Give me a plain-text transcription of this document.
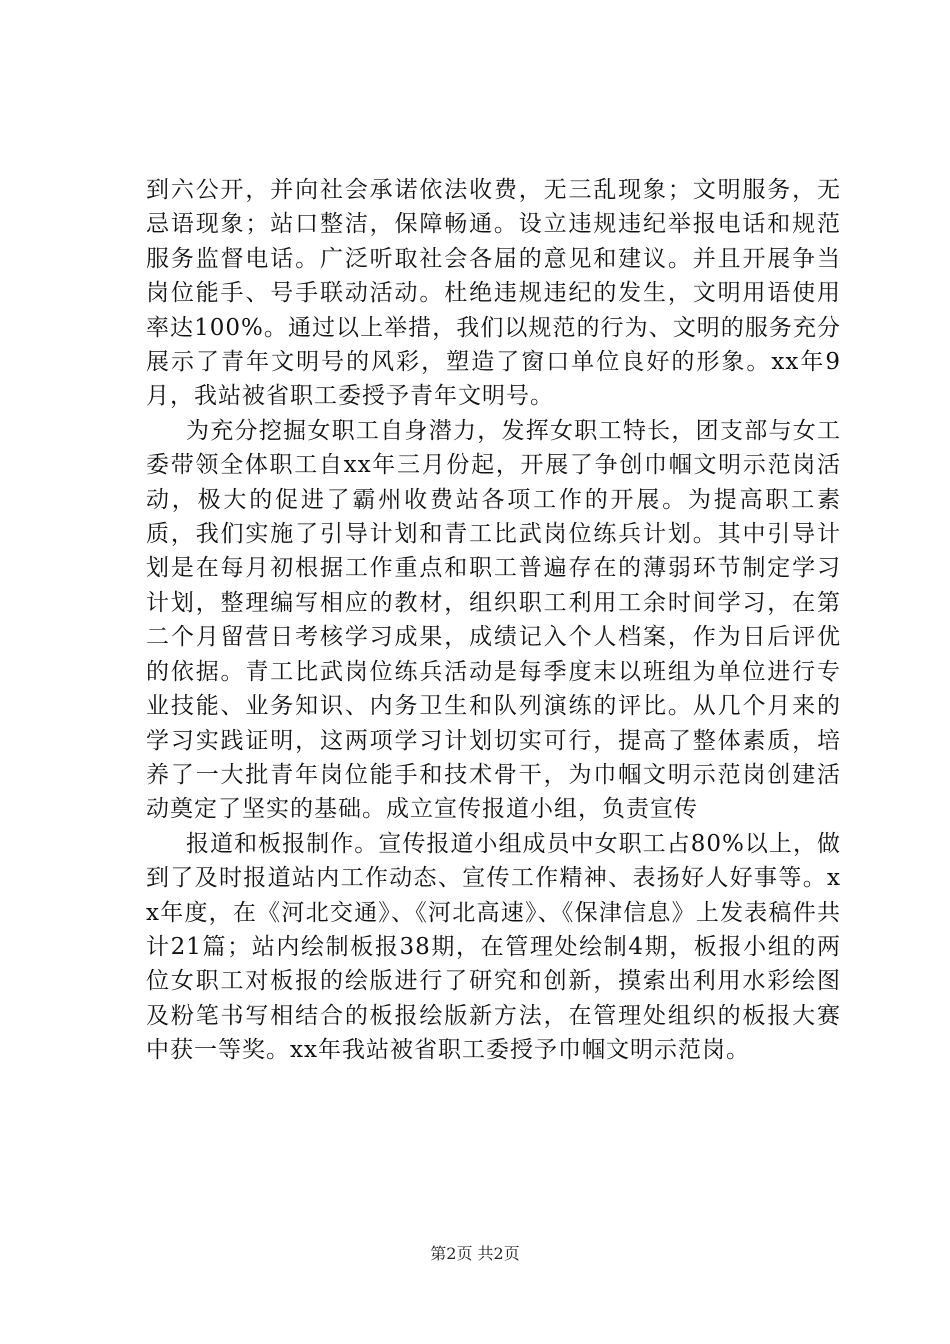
到六公开，并向社会承诺依法收费，无三乱现象；文明服务，无忌语现象；站口整洁，保障畅通。设立违规违纪举报电话和规范服务监督电话。广泛听取社会各届的意见和建议。并且开展争当岗位能手、号手联动活动。杜绝违规违纪的发生，文明用语使用率达100%。通过以上举措，我们以规范的行为、文明的服务充分展示了青年文明号的风彩，塑造了窗口单位良好的形象。xx年9月，我站被省职工委授予青年文明号。

为充分挖掘女职工自身潜力，发挥女职工特长，团支部与女工委带领全体职工自xx年三月份起，开展了争创巾帼文明示范岗活动，极大的促进了霸州收费站各项工作的开展。为提高职工素质，我们实施了引导计划和青工比武岗位练兵计划。其中引导计划是在每月初根据工作重点和职工普遍存在的薄弱环节制定学习计划，整理编写相应的教材，组织职工利用工余时间学习，在第二个月留营日考核学习成果，成绩记入个人档案，作为日后评优的依据。青工比武岗位练兵活动是每季度末以班组为单位进行专业技能、业务知识、内务卫生和队列演练的评比。从几个月来的学习实践证明，这两项学习计划切实可行，提高了整体素质，培养了一大批青年岗位能手和技术骨干，为巾帼文明示范岗创建活动奠定了坚实的基础。成立宣传报道小组，负责宣传

报道和板报制作。宣传报道小组成员中女职工占80%以上，做到了及时报道站内工作动态、宣传工作精神、表扬好人好事等。xx年度，在《河北交通》、《河北高速》、《保津信息》上发表稿件共计21篇；站内绘制板报38期，在管理处绘制4期，板报小组的两位女职工对板报的绘版进行了研究和创新，摸索出利用水彩绘图及粉笔书写相结合的板报绘版新方法，在管理处组织的板报大赛中获一等奖。xx年我站被省职工委授予巾帼文明示范岗。

第2页 共2页
